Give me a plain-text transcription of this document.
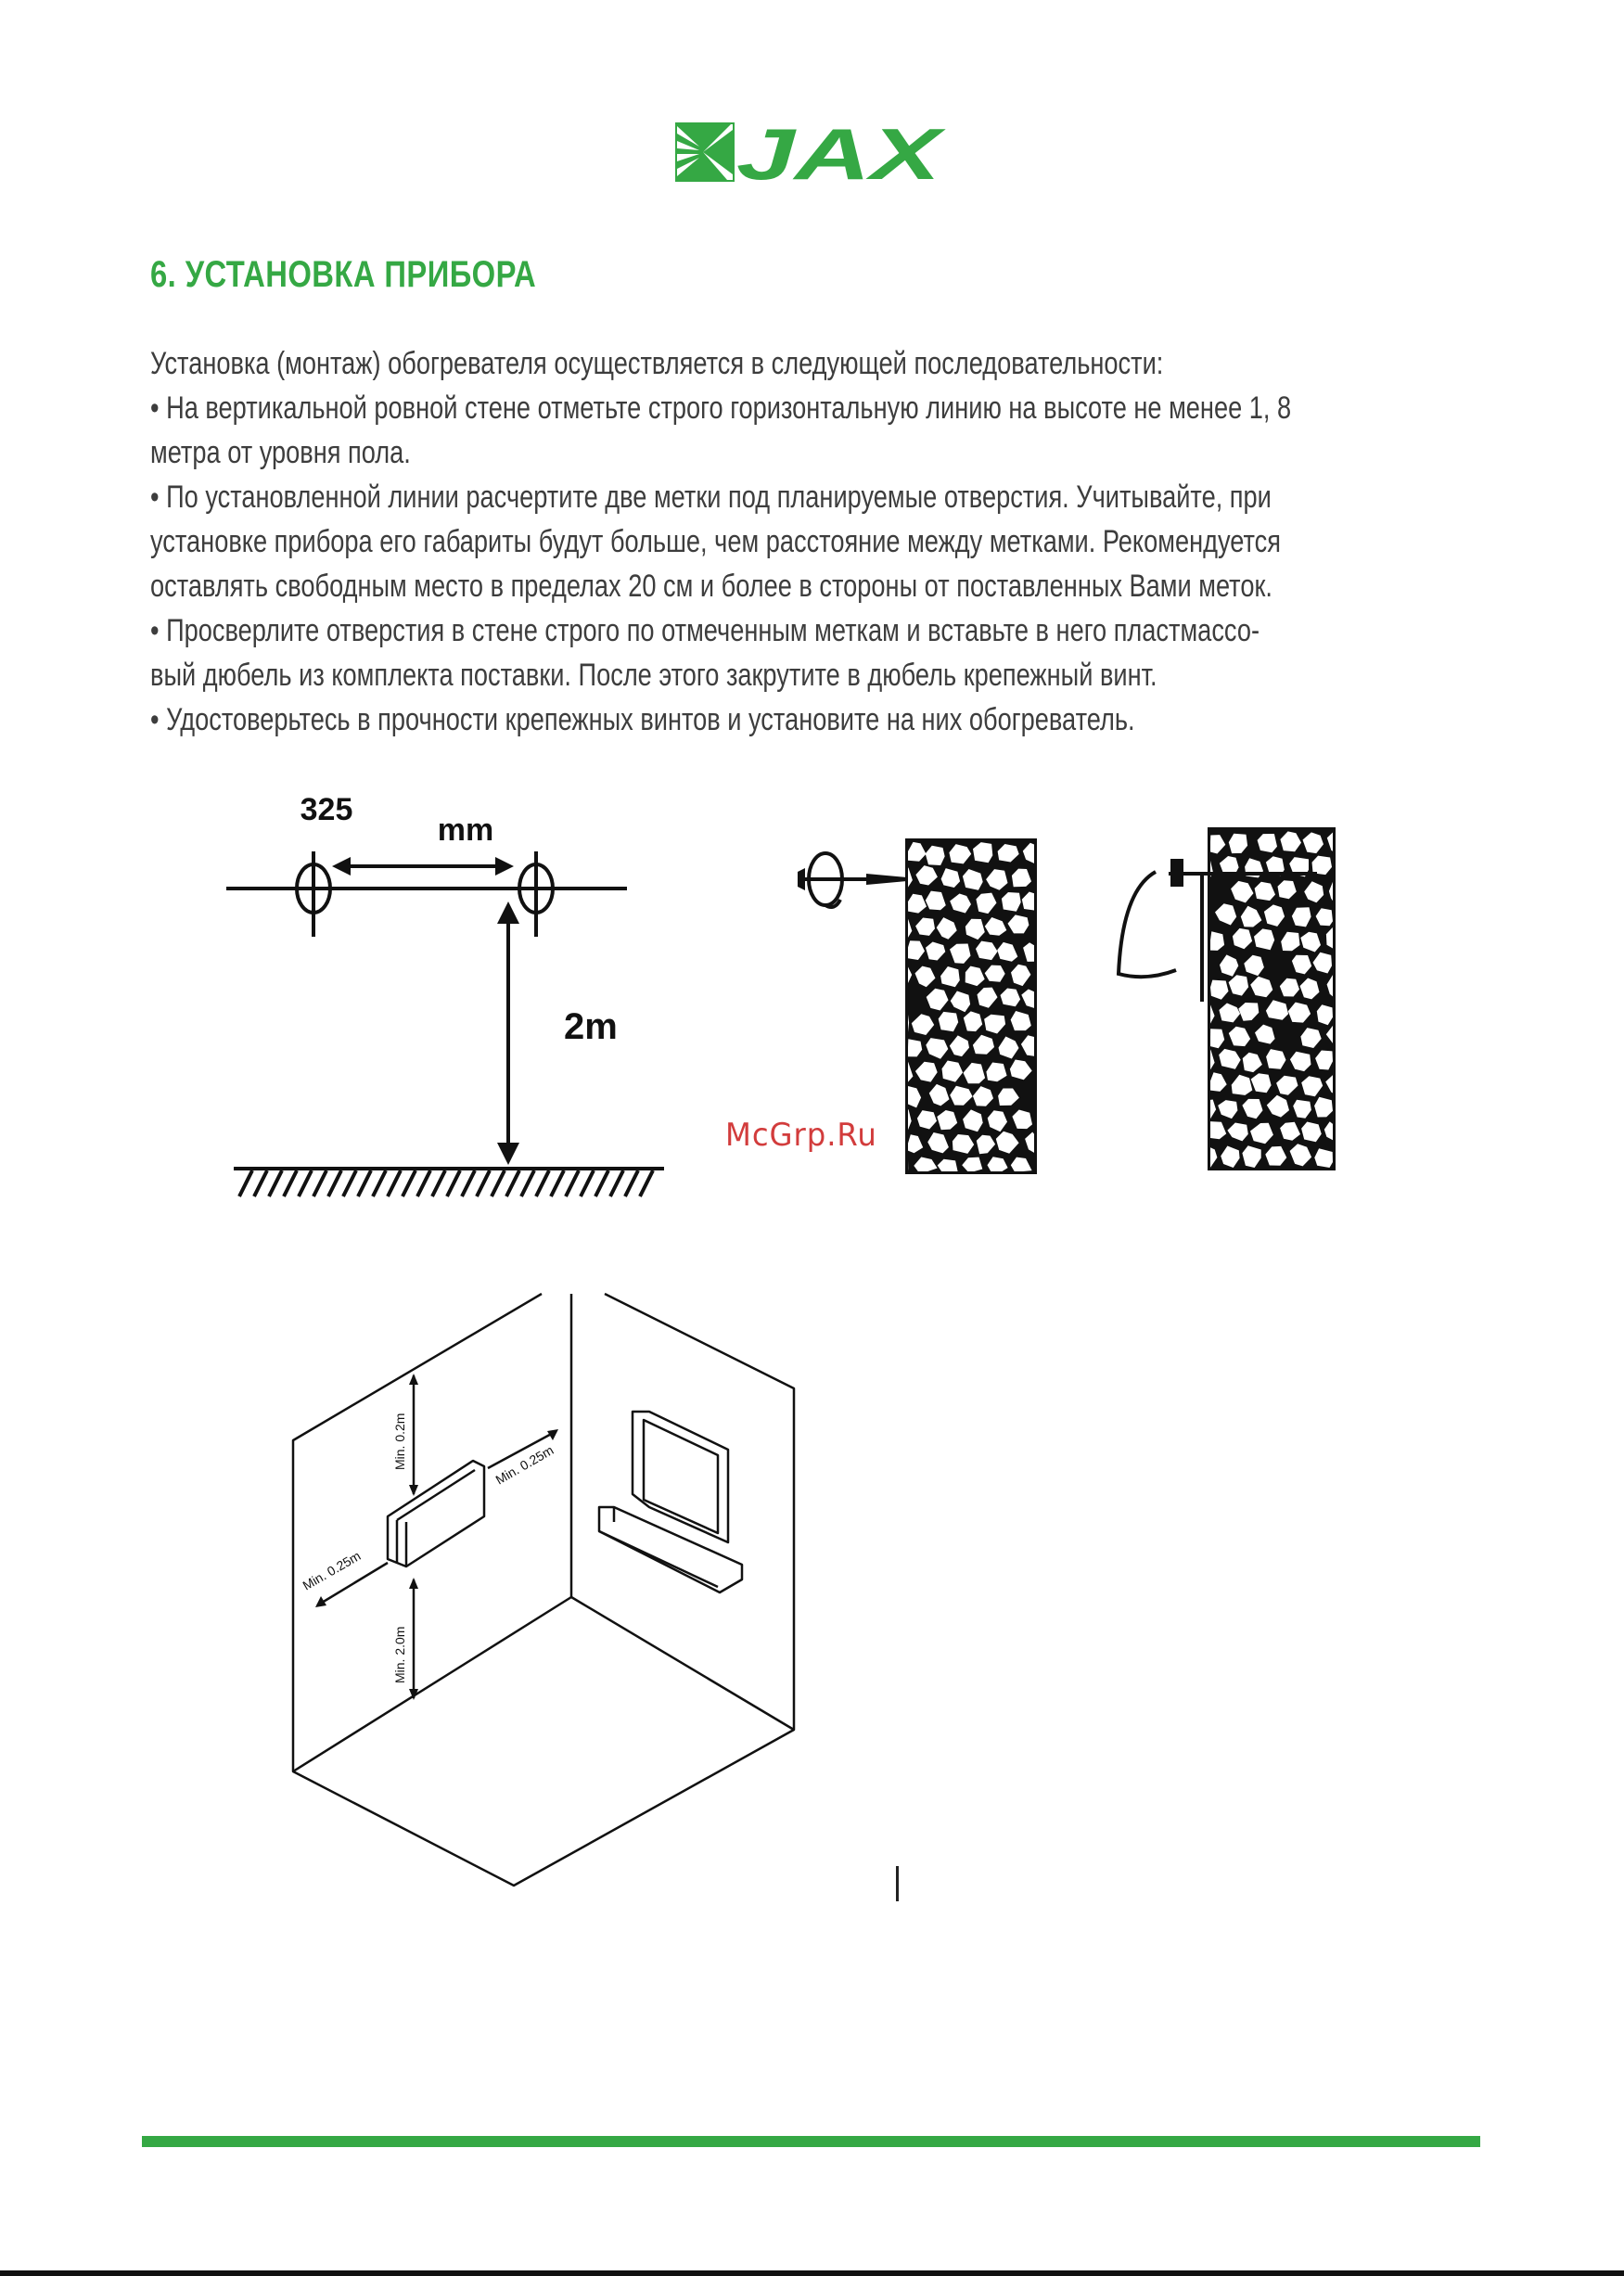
JAX
6. УСТАНОВКА ПРИБОРА
Установка (монтаж) обогревателя осуществляется в следующей последовательности:
• На вертикальной ровной стене отметьте строго горизонтальную линию на высоте не менее 1, 8
метра от уровня пола.
• По установленной линии расчертите две метки под планируемые отверстия. Учитывайте, при
установке прибора его габариты будут больше, чем расстояние между метками. Рекомендуется
оставлять свободным место в пределах 20 см и более в стороны от поставленных Вами меток.
• Просверлите отверстия в стене строго по отмеченным меткам и вставьте в него пластмассо-
вый дюбель из комплекта поставки. После этого закрутите в дюбель крепежный винт.
• Удостоверьтесь в прочности крепежных винтов и установите на них обогреватель.
325
mm
2m
McGrp.Ru
Min. 0.2m	Min. 0.25m
Min. 0.25m
Min. 2.0m
